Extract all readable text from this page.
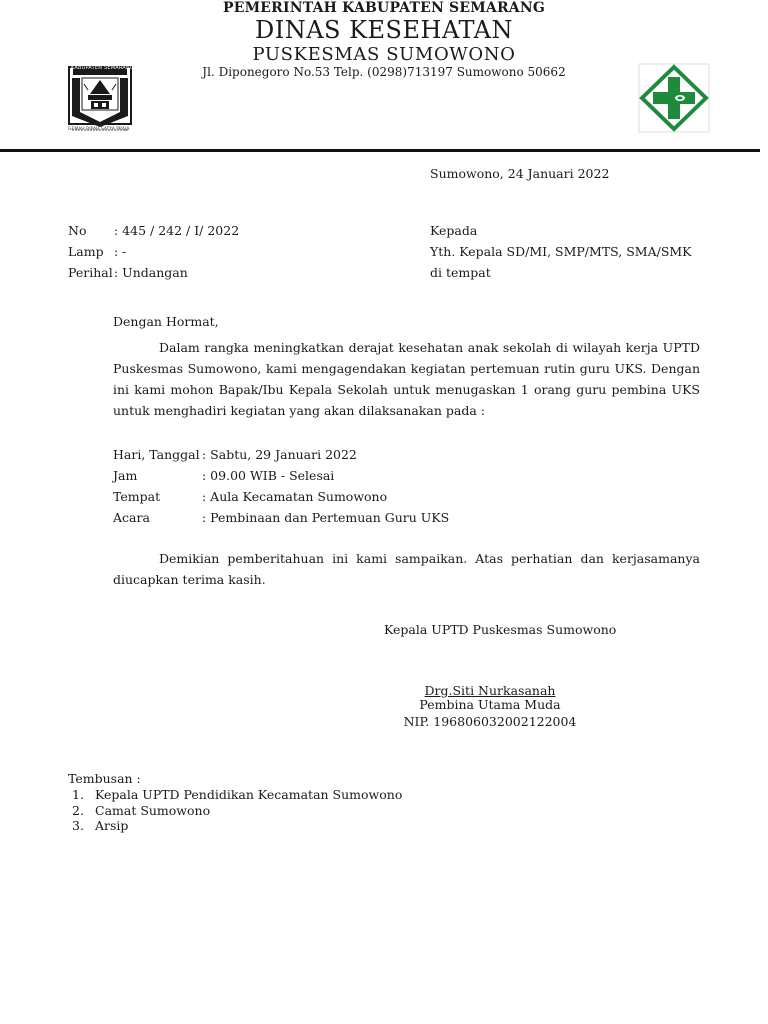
KABUPATEN SEMARANG
GEMAH RIPAH SATYA PRAJA
PEMERINTAH KABUPATEN SEMARANG
DINAS KESEHATAN
PUSKESMAS SUMOWONO
Jl. Diponegoro No.53 Telp. (0298)713197 Sumowono 50662
Sumowono, 24 Januari 2022
No : 445 / 242 / I/ 2022
Lamp : -
Perihal : Undangan
Kepada
Yth. Kepala SD/MI, SMP/MTS, SMA/SMK
di tempat
Dengan Hormat,
Dalam rangka meningkatkan derajat kesehatan anak sekolah di wilayah kerja UPTD Puskesmas Sumowono, kami mengagendakan kegiatan pertemuan rutin guru UKS. Dengan ini kami mohon Bapak/Ibu Kepala Sekolah untuk menugaskan 1 orang guru pembina UKS untuk menghadiri kegiatan yang akan dilaksanakan pada :
Hari, Tanggal : Sabtu, 29 Januari 2022
Jam	: 09.00 WIB - Selesai
Tempat	: Aula Kecamatan Sumowono
Acara	: Pembinaan dan Pertemuan Guru UKS
Demikian pemberitahuan ini kami sampaikan. Atas perhatian dan kerjasamanya diucapkan terima kasih.
Kepala UPTD Puskesmas Sumowono
Drg.Siti Nurkasanah
Pembina Utama Muda
NIP. 196806032002122004
Tembusan :
1. Kepala UPTD Pendidikan Kecamatan Sumowono
2. Camat Sumowono
3. Arsip
